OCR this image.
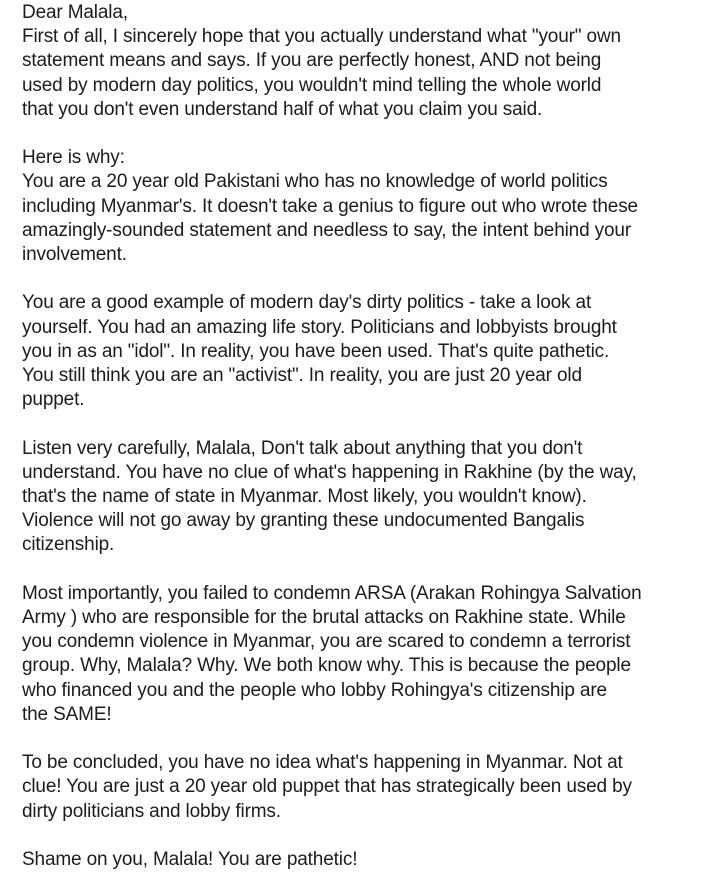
Dear Malala,
First of all, I sincerely hope that you actually understand what "your" own
statement means and says. If you are perfectly honest, AND not being
used by modern day politics, you wouldn't mind telling the whole world
that you don't even understand half of what you claim you said.
Here is why:
You are a 20 year old Pakistani who has no knowledge of world politics
including Myanmar's. It doesn't take a genius to figure out who wrote these
amazingly-sounded statement and needless to say, the intent behind your
involvement.
You are a good example of modern day's dirty politics - take a look at
yourself. You had an amazing life story. Politicians and lobbyists brought
you in as an "idol". In reality, you have been used. That's quite pathetic.
You still think you are an "activist". In reality, you are just 20 year old
puppet.
Listen very carefully, Malala, Don't talk about anything that you don't
understand. You have no clue of what's happening in Rakhine (by the way,
that's the name of state in Myanmar. Most likely, you wouldn't know).
Violence will not go away by granting these undocumented Bangalis
citizenship.
Most importantly, you failed to condemn ARSA (Arakan Rohingya Salvation
Army ) who are responsible for the brutal attacks on Rakhine state. While
you condemn violence in Myanmar, you are scared to condemn a terrorist
group. Why, Malala? Why. We both know why. This is because the people
who financed you and the people who lobby Rohingya's citizenship are
the SAME!
To be concluded, you have no idea what's happening in Myanmar. Not at
clue! You are just a 20 year old puppet that has strategically been used by
dirty politicians and lobby firms.
Shame on you, Malala! You are pathetic!
